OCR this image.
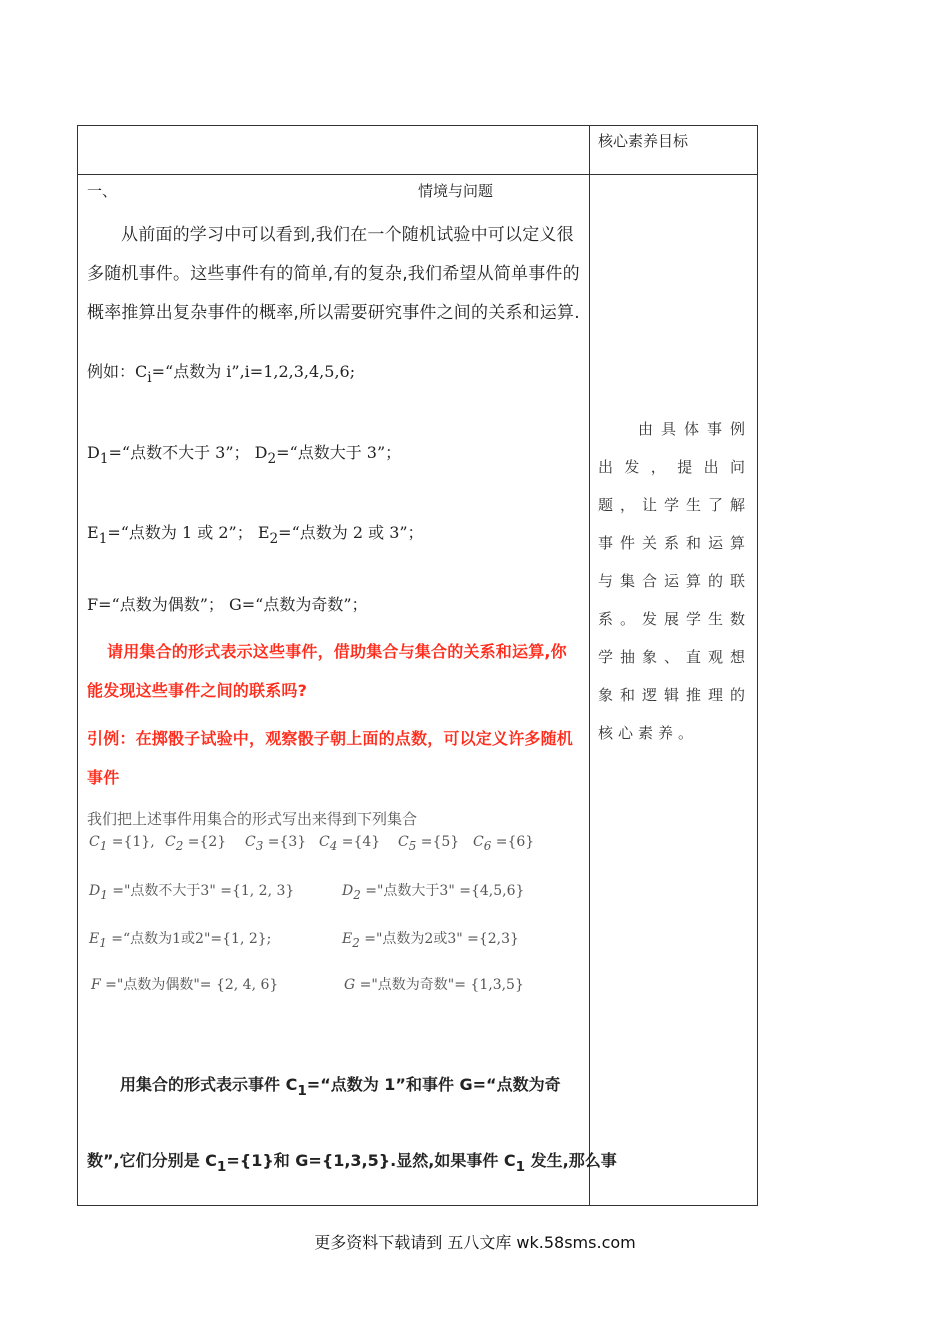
核心素养目标
一、	情境与问题
从前面的学习中可以看到,我们在一个随机试验中可以定义很多随机事件。这些事件有的简单,有的复杂,我们希望从简单事件的概率推算出复杂事件的概率,所以需要研究事件之间的关系和运算.
例如：$C_i=“$点数为 i”,i=1,2,3,4,5,6;
$D_1=“$点数不大于 3”； $D_2=“$点数大于 3”；
$E_1=“$点数为 1 或 2”； $E_2=“$点数为 2 或 3”；
F=“点数为偶数”； G=“点数为奇数”；
请用集合的形式表示这些事件，借助集合与集合的关系和运算,你能发现这些事件之间的联系吗?
引例：在掷骰子试验中，观察骰子朝上面的点数，可以定义许多随机事件
我们把上述事件用集合的形式写出来得到下列集合
$C_1 =\{1\}$, $C_2 =\{2\}$ $C_3 =\{3\}$ $C_4 =\{4\}$ $C_5 =\{5\}$ $C_6 =\{6\}$
$D_1$ ="点数不大于3" ={1, 2, 3}	$D_2$ ="点数大于3" ={4,5,6}
$E_1$ =“点数为1或2"={1, 2};	$E_2$ ="点数为2或3" ={2,3}
F ="点数为偶数"= {2, 4, 6}	G ="点数为奇数"= {1,3,5}
用集合的形式表示事件 $C_1=“$点数为 1”和事件 G=“点数为奇
数”,它们分别是 $C_1=\{1\}$和 G={1,3,5}.显然,如果事件 $C_1$ 发生,那么事
由具体事例出发，提出问题，让学生了解事件关系和运算与集合运算的联系。发展学生数学抽象、直观想象和逻辑推理的核心素养。
更多资料下载请到 五八文库 wk.58sms.com
